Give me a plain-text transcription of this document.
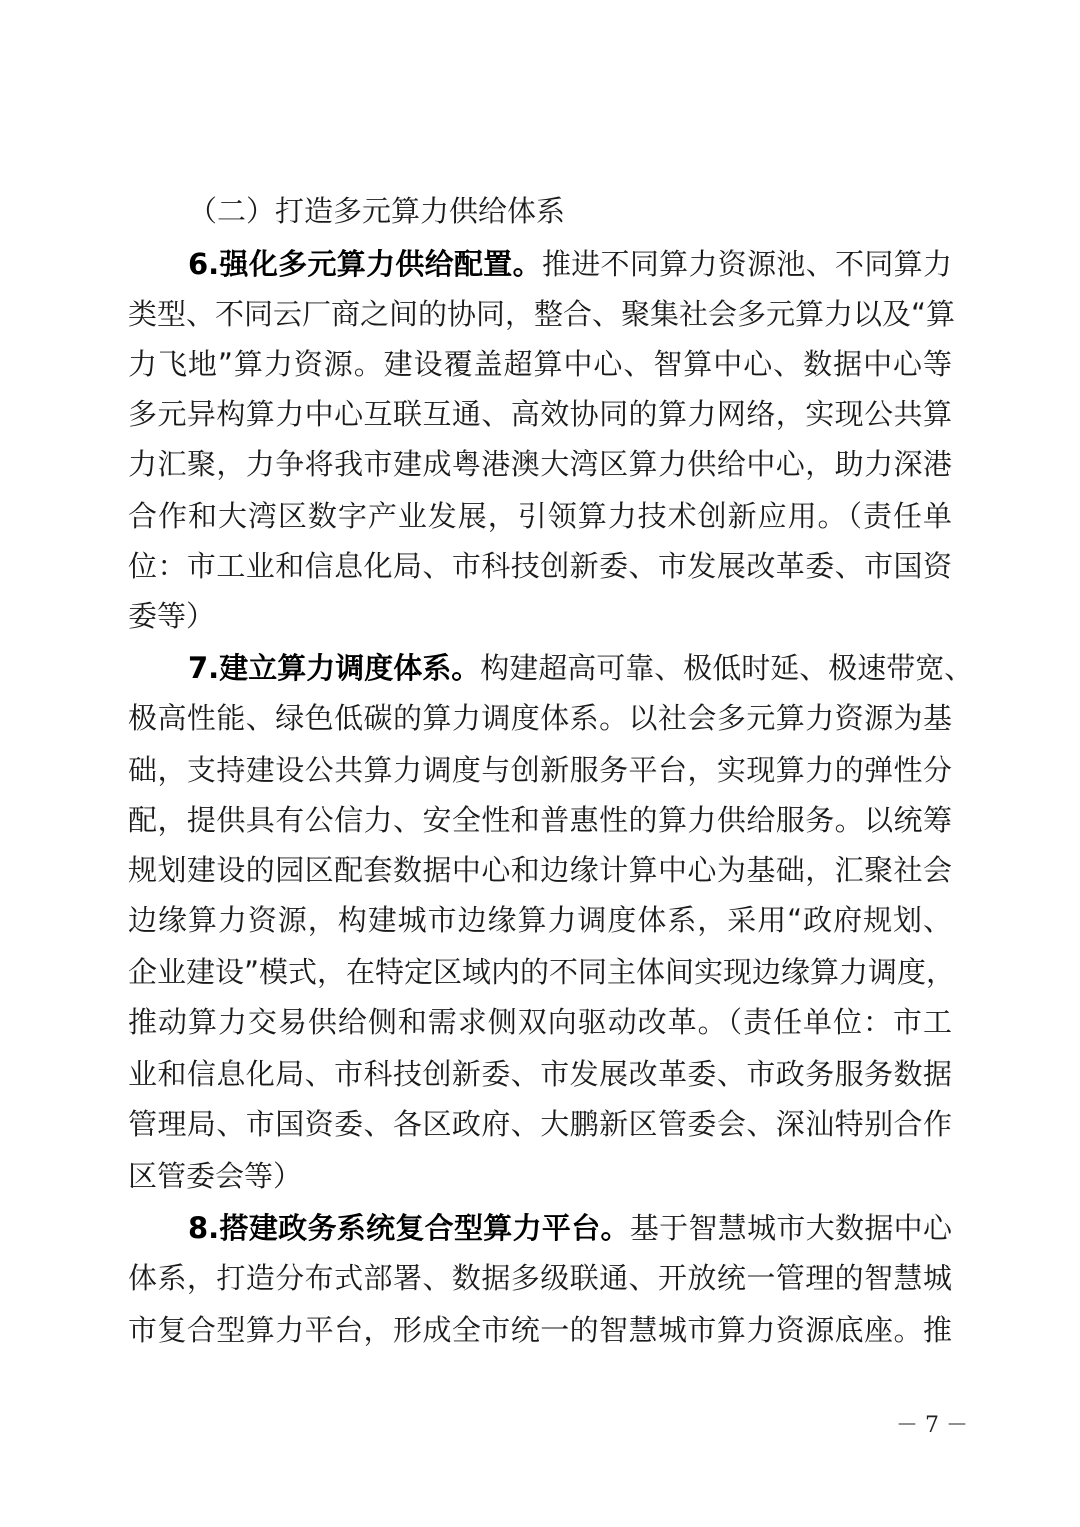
（二）打造多元算力供给体系
6.强化多元算力供给配置。推进不同算力资源池、不同算力
类型、不同云厂商之间的协同，整合、聚集社会多元算力以及“算
力飞地”算力资源。建设覆盖超算中心、智算中心、数据中心等
多元异构算力中心互联互通、高效协同的算力网络，实现公共算
力汇聚，力争将我市建成粤港澳大湾区算力供给中心，助力深港
合作和大湾区数字产业发展，引领算力技术创新应用。（责任单
位：市工业和信息化局、市科技创新委、市发展改革委、市国资
委等）
7.建立算力调度体系。构建超高可靠、极低时延、极速带宽、
极高性能、绿色低碳的算力调度体系。以社会多元算力资源为基
础，支持建设公共算力调度与创新服务平台，实现算力的弹性分
配，提供具有公信力、安全性和普惠性的算力供给服务。以统筹
规划建设的园区配套数据中心和边缘计算中心为基础，汇聚社会
边缘算力资源，构建城市边缘算力调度体系，采用“政府规划、
企业建设”模式，在特定区域内的不同主体间实现边缘算力调度，
推动算力交易供给侧和需求侧双向驱动改革。（责任单位：市工
业和信息化局、市科技创新委、市发展改革委、市政务服务数据
管理局、市国资委、各区政府、大鹏新区管委会、深汕特别合作
区管委会等）
8.搭建政务系统复合型算力平台。基于智慧城市大数据中心
体系，打造分布式部署、数据多级联通、开放统一管理的智慧城
市复合型算力平台，形成全市统一的智慧城市算力资源底座。推
－ 7 －
